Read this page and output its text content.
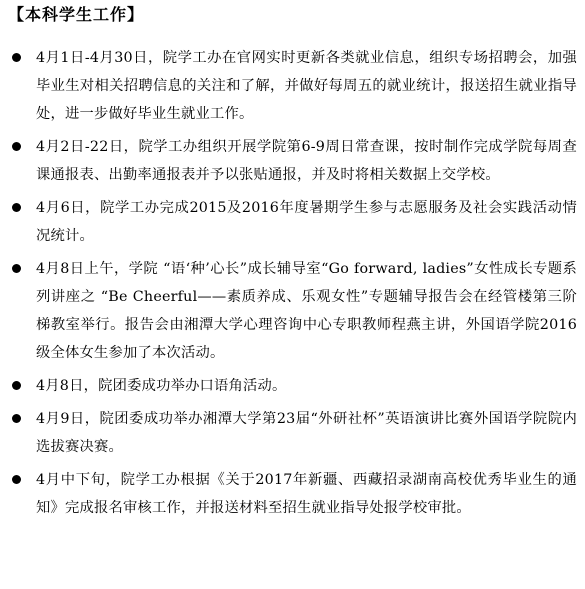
【本科学生工作】
4月1日-4月30日，院学工办在官网实时更新各类就业信息，组织专场招聘会，加强毕业生对相关招聘信息的关注和了解，并做好每周五的就业统计，报送招生就业指导处，进一步做好毕业生就业工作。
4月2日-22日，院学工办组织开展学院第6-9周日常查课，按时制作完成学院每周查课通报表、出勤率通报表并予以张贴通报，并及时将相关数据上交学校。
4月6日，院学工办完成2015及2016年度暑期学生参与志愿服务及社会实践活动情况统计。
4月8日上午，学院 “语‘种’心长”成长辅导室“Go forward, ladies”女性成长专题系列讲座之 “Be Cheerful——素质养成、乐观女性”专题辅导报告会在经管楼第三阶梯教室举行。报告会由湘潭大学心理咨询中心专职教师程燕主讲，外国语学院2016级全体女生参加了本次活动。
4月8日，院团委成功举办口语角活动。
4月9日，院团委成功举办湘潭大学第23届“外研社杯”英语演讲比赛外国语学院院内选拔赛决赛。
4月中下旬，院学工办根据《关于2017年新疆、西藏招录湖南高校优秀毕业生的通知》完成报名审核工作，并报送材料至招生就业指导处报学校审批。
